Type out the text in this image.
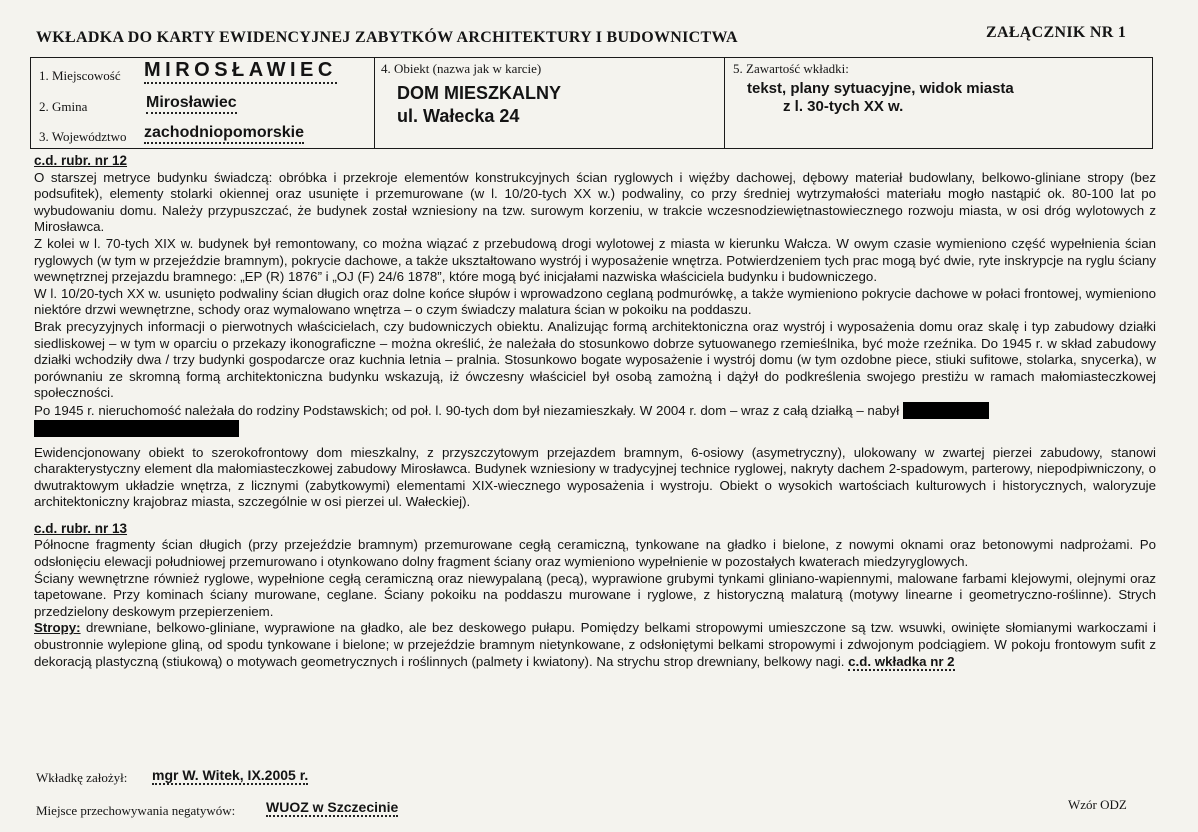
WKŁADKA DO KARTY EWIDENCYJNEJ ZABYTKÓW ARCHITEKTURY I BUDOWNICTWA	ZAŁĄCZNIK NR 1
1. Miejscowość MIROSŁAWIEC
2. Gmina	Mirosławiec
3. Województwo zachodniopomorskie
4. Obiekt (nazwa jak w karcie)
DOM MIESZKALNY
ul. Wałecka 24
5. Zawartość wkładki:
tekst, plany sytuacyjne, widok miasta
z l. 30-tych XX w.
c.d. rubr. nr 12

O starszej metryce budynku świadczą: obróbka i przekroje elementów konstrukcyjnych ścian ryglowych i więźby dachowej, dębowy materiał budowlany, belkowo-gliniane stropy (bez podsufitek), elementy stolarki okiennej oraz usunięte i przemurowane (w l. 10/20-tych XX w.) podwaliny, co przy średniej wytrzymałości materiału mogło nastąpić ok. 80-100 lat po wybudowaniu domu. Należy przypuszczać, że budynek został wzniesiony na tzw. surowym korzeniu, w trakcie wczesnodziewiętnastowiecznego rozwoju miasta, w osi dróg wylotowych z Mirosławca.

Z kolei w l. 70-tych XIX w. budynek był remontowany, co można wiązać z przebudową drogi wylotowej z miasta w kierunku Wałcza. W owym czasie wymieniono część wypełnienia ścian ryglowych (w tym w przejeździe bramnym), pokrycie dachowe, a także ukształtowano wystrój i wyposażenie wnętrza. Potwierdzeniem tych prac mogą być dwie, ryte inskrypcje na ryglu ściany wewnętrznej przejazdu bramnego: „EP (R) 1876” i „OJ (F) 24/6 1878”, które mogą być inicjałami nazwiska właściciela budynku i budowniczego.

W l. 10/20-tych XX w. usunięto podwaliny ścian długich oraz dolne końce słupów i wprowadzono ceglaną podmurówkę, a także wymieniono pokrycie dachowe w połaci frontowej, wymieniono niektóre drzwi wewnętrzne, schody oraz wymalowano wnętrza – o czym świadczy malatura ścian w pokoiku na poddaszu.

Brak precyzyjnych informacji o pierwotnych właścicielach, czy budowniczych obiektu. Analizując formą architektoniczna oraz wystrój i wyposażenia domu oraz skalę i typ zabudowy działki siedliskowej – w tym w oparciu o przekazy ikonograficzne – można określić, że należała do stosunkowo dobrze sytuowanego rzemieślnika, być może rzeźnika. Do 1945 r. w skład zabudowy działki wchodziły dwa / trzy budynki gospodarcze oraz kuchnia letnia – pralnia. Stosunkowo bogate wyposażenie i wystrój domu (w tym ozdobne piece, stiuki sufitowe, stolarka, snycerka), w porównaniu ze skromną formą architektoniczna budynku wskazują, iż ówczesny właściciel był osobą zamożną i dążył do podkreślenia swojego prestiżu w ramach małomiasteczkowej społeczności.

Po 1945 r. nieruchomość należała do rodziny Podstawskich; od poł. l. 90-tych dom był niezamieszkały. W 2004 r. dom – wraz z całą działką – nabył

Ewidencjonowany obiekt to szerokofrontowy dom mieszkalny, z przyszczytowym przejazdem bramnym, 6-osiowy (asymetryczny), ulokowany w zwartej pierzei zabudowy, stanowi charakterystyczny element dla małomiasteczkowej zabudowy Mirosławca. Budynek wzniesiony w tradycyjnej technice ryglowej, nakryty dachem 2-spadowym, parterowy, niepodpiwniczony, o dwutraktowym układzie wnętrza, z licznymi (zabytkowymi) elementami XIX-wiecznego wyposażenia i wystroju. Obiekt o wysokich wartościach kulturowych i historycznych, waloryzuje architektoniczny krajobraz miasta, szczególnie w osi pierzei ul. Wałeckiej).

c.d. rubr. nr 13

Północne fragmenty ścian długich (przy przejeździe bramnym) przemurowane cegłą ceramiczną, tynkowane na gładko i bielone, z nowymi oknami oraz betonowymi nadprożami. Po odsłonięciu elewacji południowej przemurowano i otynkowano dolny fragment ściany oraz wymieniono wypełnienie w pozostałych kwaterach miedzyryglowych.

Ściany wewnętrzne również ryglowe, wypełnione cegłą ceramiczną oraz niewypalaną (pecą), wyprawione grubymi tynkami gliniano-wapiennymi, malowane farbami klejowymi, olejnymi oraz tapetowane. Przy kominach ściany murowane, ceglane. Ściany pokoiku na poddaszu murowane i ryglowe, z historyczną malaturą (motywy linearne i geometryczno-roślinne). Strych przedzielony deskowym przepierzeniem.

Stropy: drewniane, belkowo-gliniane, wyprawione na gładko, ale bez deskowego pułapu. Pomiędzy belkami stropowymi umieszczone są tzw. wsuwki, owinięte słomianymi warkoczami i obustronnie wylepione gliną, od spodu tynkowane i bielone; w przejeździe bramnym nietynkowane, z odsłoniętymi belkami stropowymi i zdwojonym podciągiem. W pokoju frontowym sufit z dekoracją plastyczną (stiukową) o motywach geometrycznych i roślinnych (palmety i kwiatony). Na strychu strop drewniany, belkowy nagi. c.d. wkładka nr 2

Wkładkę założył: mgr W. Witek, IX.2005 r.
Miejsce przechowywania negatywów: WUOZ w Szczecinie	Wzór ODZ
